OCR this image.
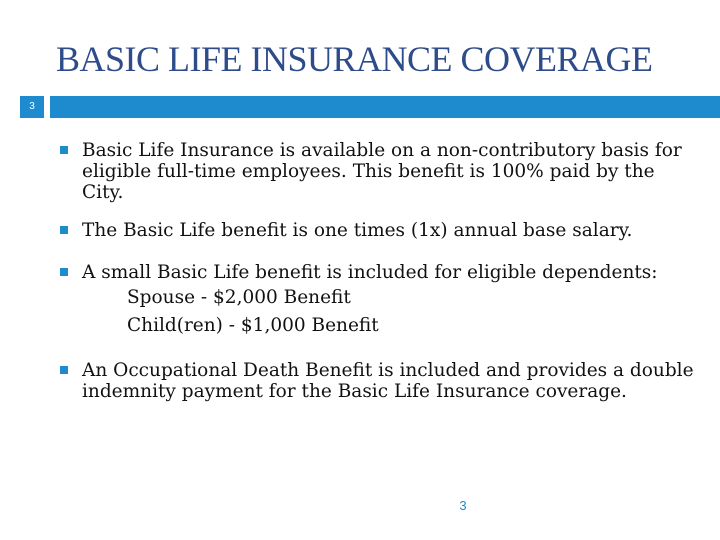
BASIC LIFE INSURANCE COVERAGE
3
Basic Life Insurance is available on a non-contributory basis for eligible full-time employees. This benefit is 100% paid by the City.
The Basic Life benefit is one times (1x) annual base salary.
A small Basic Life benefit is included for eligible dependents:
Spouse - $2,000 Benefit
Child(ren) - $1,000 Benefit
An Occupational Death Benefit is included and provides a double indemnity payment for the Basic Life Insurance coverage.
3
